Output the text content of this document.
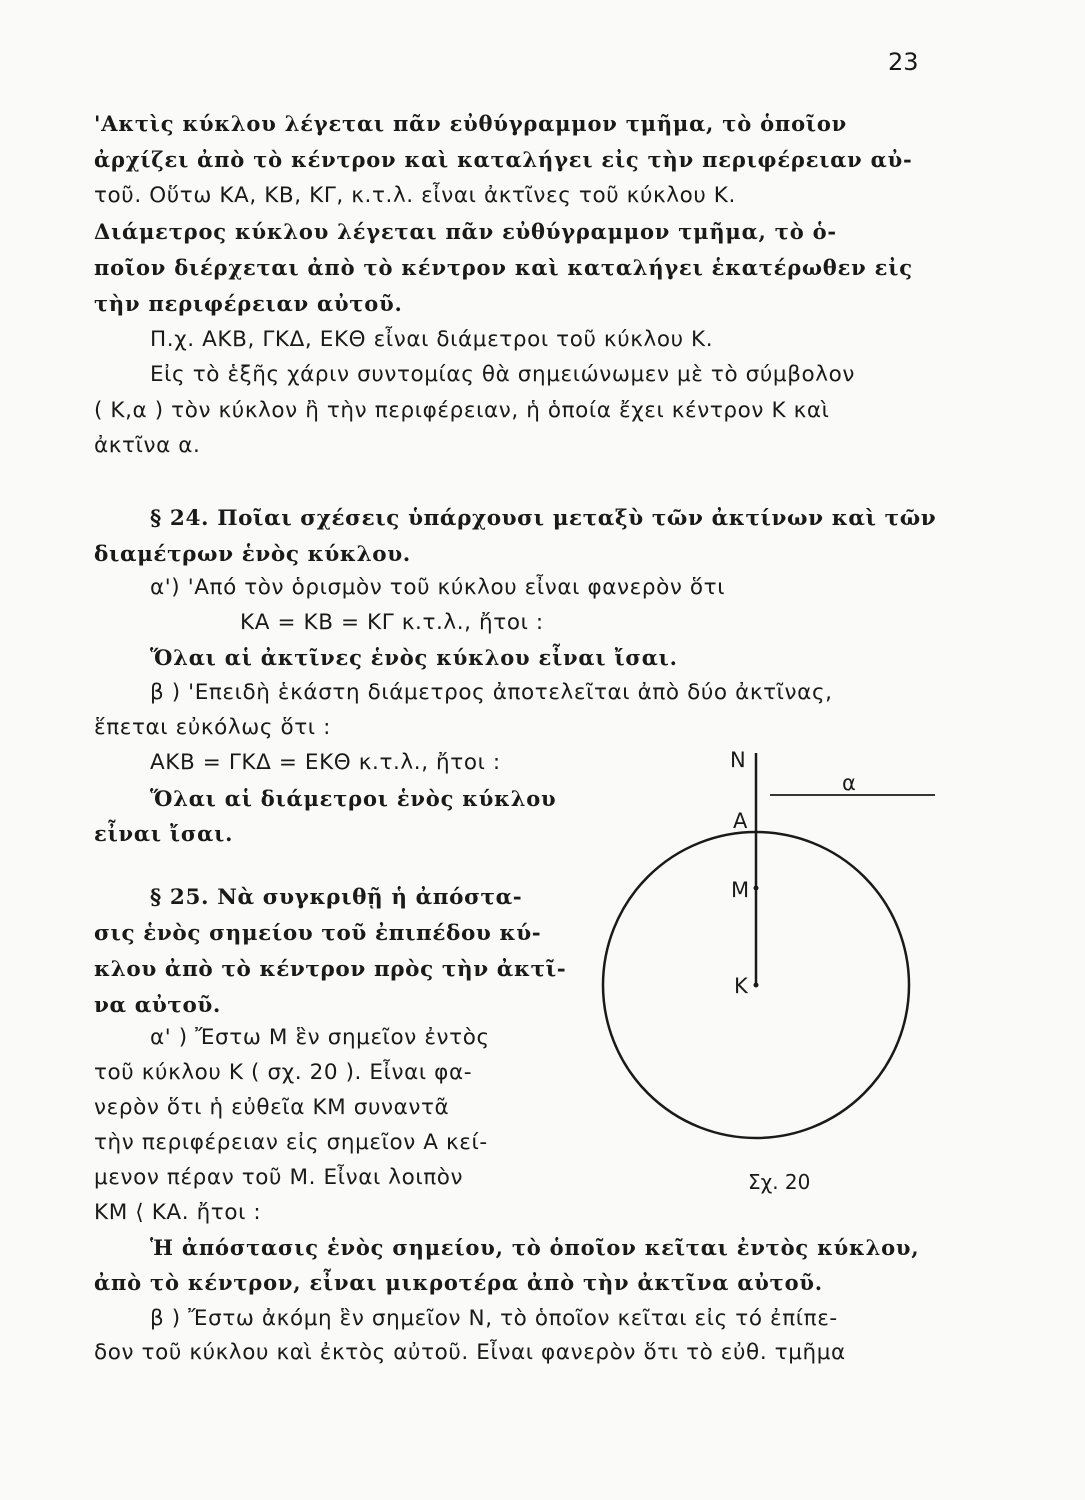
23
'Ακτὶς κύκλου λέγεται πᾶν εὐθύγραμμον τμῆμα, τὸ ὁποῖον
ἀρχίζει ἀπὸ τὸ κέντρον καὶ καταλήγει εἰς τὴν περιφέρειαν αὐ-
τοῦ. Οὕτω ΚΑ, ΚΒ, ΚΓ, κ.τ.λ. εἶναι ἀκτῖνες τοῦ κύκλου Κ.
Διάμετρος κύκλου λέγεται πᾶν εὐθύγραμμον τμῆμα, τὸ ὁ-
ποῖον διέρχεται ἀπὸ τὸ κέντρον καὶ καταλήγει ἑκατέρωθεν εἰς
τὴν περιφέρειαν αὐτοῦ.
Π.χ. ΑΚΒ, ΓΚΔ, ΕΚΘ εἶναι διάμετροι τοῦ κύκλου Κ.
Εἰς τὸ ἑξῆς χάριν συντομίας θὰ σημειώνωμεν μὲ τὸ σύμβολον
( Κ,α ) τὸν κύκλον ἢ τὴν περιφέρειαν, ἡ ὁποία ἔχει κέντρον Κ καὶ
ἀκτῖνα α.
§ 24. Ποῖαι σχέσεις ὑπάρχουσι μεταξὺ τῶν ἀκτίνων καὶ τῶν
διαμέτρων ἑνὸς κύκλου.
α') 'Από τὸν ὁρισμὸν τοῦ κύκλου εἶναι φανερὸν ὅτι
ΚΑ = ΚΒ = ΚΓ κ.τ.λ., ἤτοι :
Ὅλαι αἱ ἀκτῖνες ἑνὸς κύκλου εἶναι ἴσαι.
β ) 'Επειδὴ ἑκάστη διάμετρος ἀποτελεῖται ἀπὸ δύο ἀκτῖνας,
ἕπεται εὐκόλως ὅτι :
ΑΚΒ = ΓΚΔ = ΕΚΘ κ.τ.λ., ἤτοι :
Ὅλαι αἱ διάμετροι ἑνὸς κύκλου
εἶναι ἴσαι.
§ 25. Νὰ συγκριθῇ ἡ ἀπόστα-
σις ἑνὸς σημείου τοῦ ἐπιπέδου κύ-
κλου ἀπὸ τὸ κέντρον πρὸς τὴν ἀκτῖ-
να αὐτοῦ.
α' ) Ἔστω Μ ἓν σημεῖον ἐντὸς
τοῦ κύκλου Κ ( σχ. 20 ). Εἶναι φα-
νερὸν ὅτι ἡ εὐθεῖα ΚΜ συναντᾶ
τὴν περιφέρειαν εἰς σημεῖον Α κεί-
μενον πέραν τοῦ Μ. Εἶναι λοιπὸν
ΚΜ ⟨ ΚΑ. ἤτοι :
Ἡ ἀπόστασις ἑνὸς σημείου, τὸ ὁποῖον κεῖται ἐντὸς κύκλου,
ἀπὸ τὸ κέντρον, εἶναι μικροτέρα ἀπὸ τὴν ἀκτῖνα αὐτοῦ.
β ) Ἔστω ἀκόμη ἓν σημεῖον Ν, τὸ ὁποῖον κεῖται εἰς τό ἐπίπε-
δον τοῦ κύκλου καὶ ἐκτὸς αὐτοῦ. Εἶναι φανερὸν ὅτι τὸ εὐθ. τμῆμα
Ν
α
Α
Μ
Κ
Σχ. 20
